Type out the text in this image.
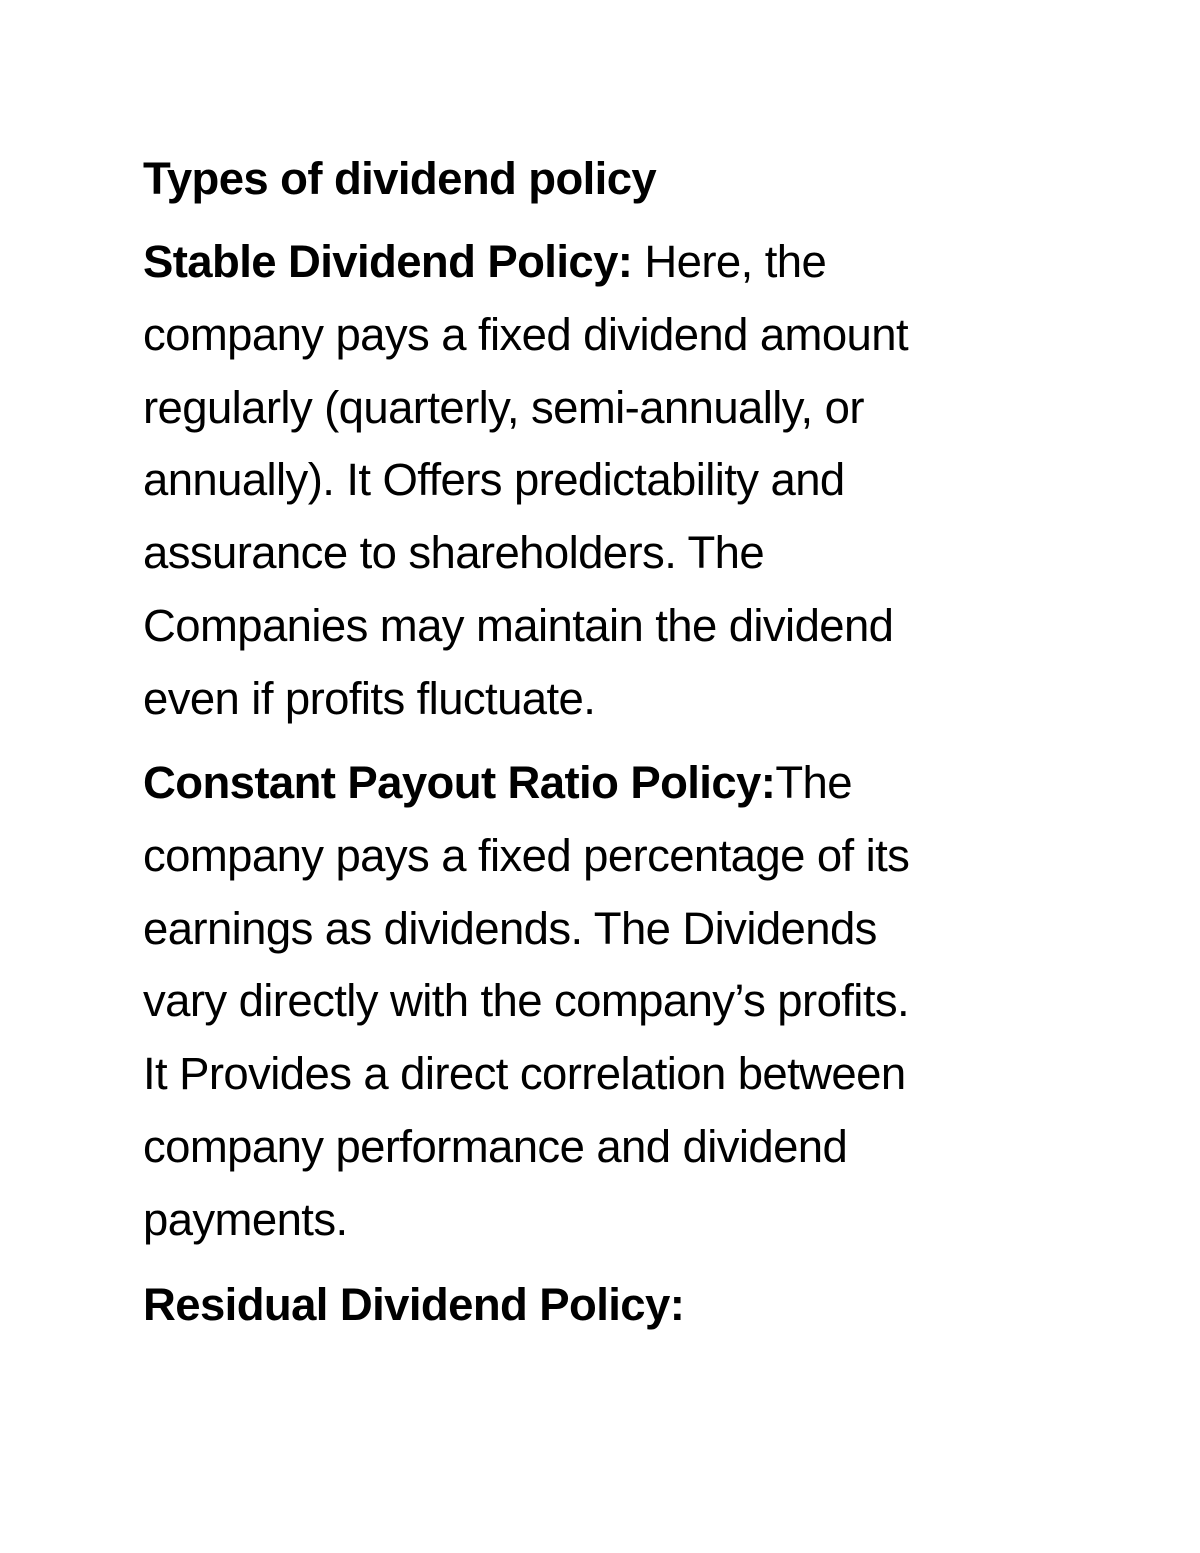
Types of dividend policy
Stable Dividend Policy: Here, the
company pays a fixed dividend amount
regularly (quarterly, semi-annually, or
annually). It Offers predictability and
assurance to shareholders. The
Companies may maintain the dividend
even if profits fluctuate.
Constant Payout Ratio Policy:The
company pays a fixed percentage of its
earnings as dividends. The Dividends
vary directly with the company’s profits.
It Provides a direct correlation between
company performance and dividend
payments.
Residual Dividend Policy:
